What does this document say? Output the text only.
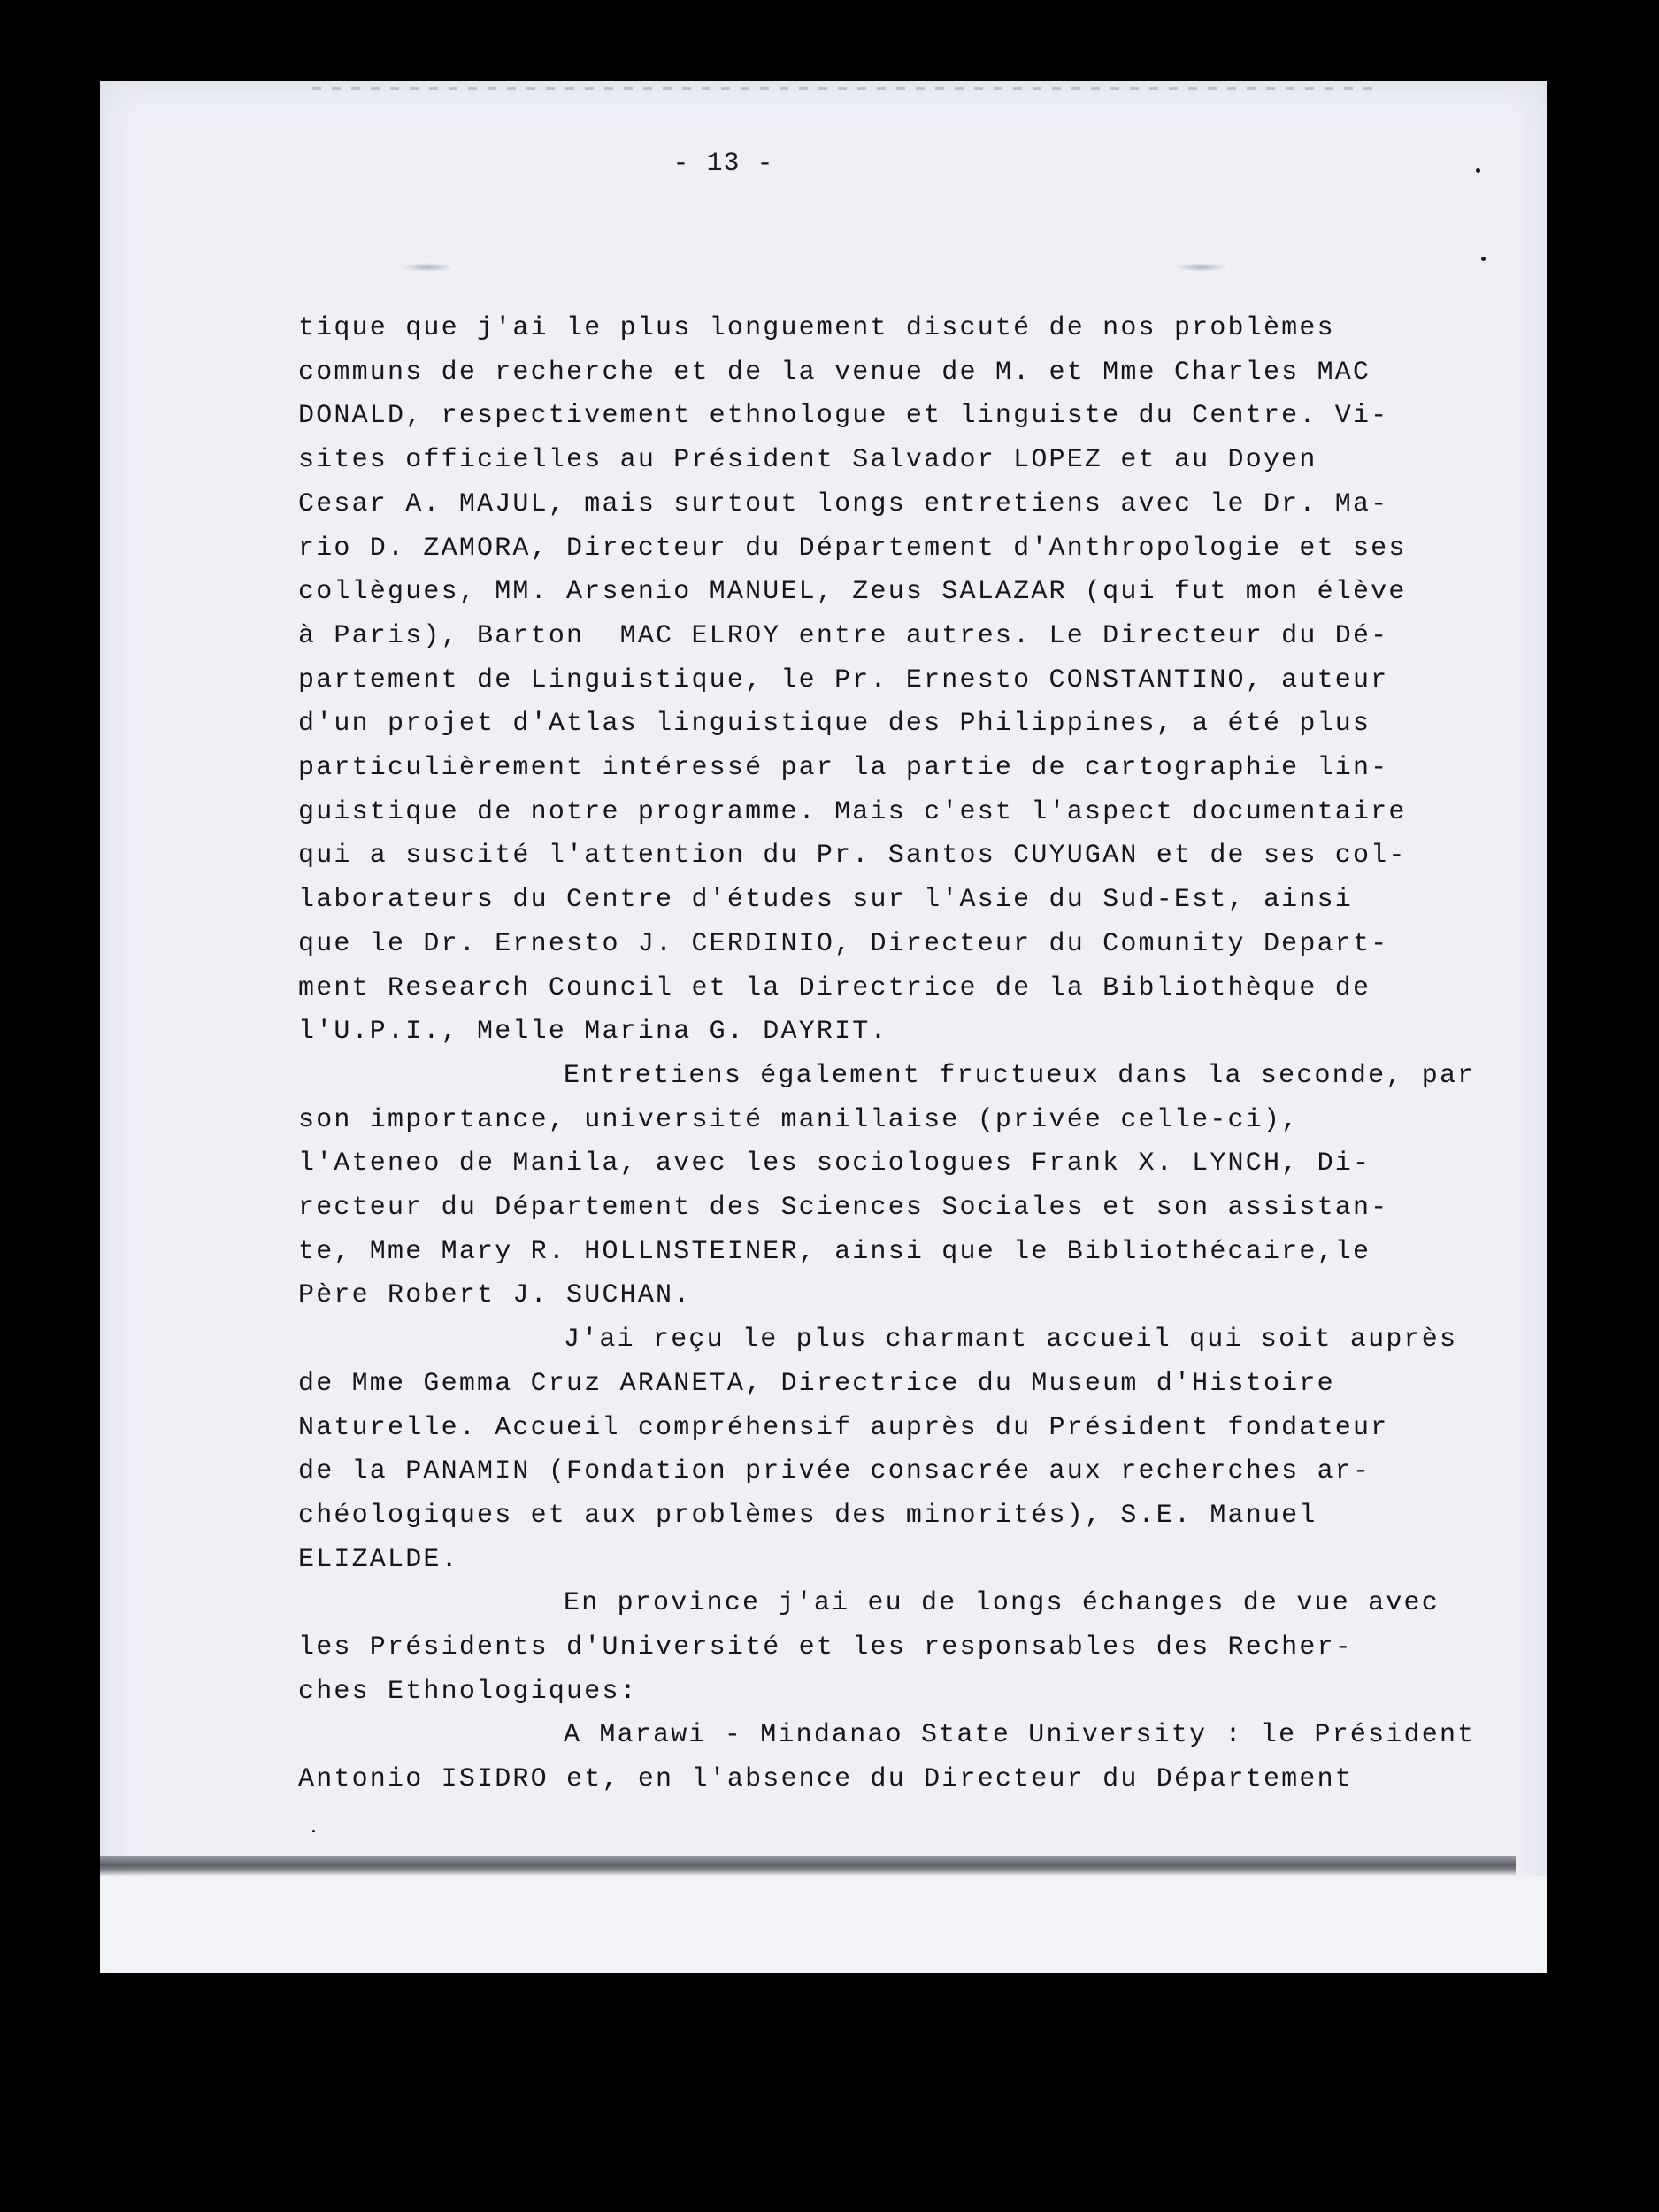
- 13 -
tique que j'ai le plus longuement discuté de nos problèmes
communs de recherche et de la venue de M. et Mme Charles MAC
DONALD, respectivement ethnologue et linguiste du Centre. Vi-
sites officielles au Président Salvador LOPEZ et au Doyen
Cesar A. MAJUL, mais surtout longs entretiens avec le Dr. Ma-
rio D. ZAMORA, Directeur du Département d'Anthropologie et ses
collègues, MM. Arsenio MANUEL, Zeus SALAZAR (qui fut mon élève
à Paris), Barton  MAC ELROY entre autres. Le Directeur du Dé-
partement de Linguistique, le Pr. Ernesto CONSTANTINO, auteur
d'un projet d'Atlas linguistique des Philippines, a été plus
particulièrement intéressé par la partie de cartographie lin-
guistique de notre programme. Mais c'est l'aspect documentaire
qui a suscité l'attention du Pr. Santos CUYUGAN et de ses col-
laborateurs du Centre d'études sur l'Asie du Sud-Est, ainsi
que le Dr. Ernesto J. CERDINIO, Directeur du Comunity Depart-
ment Research Council et la Directrice de la Bibliothèque de
l'U.P.I., Melle Marina G. DAYRIT.
Entretiens également fructueux dans la seconde, par
son importance, université manillaise (privée celle-ci),
l'Ateneo de Manila, avec les sociologues Frank X. LYNCH, Di-
recteur du Département des Sciences Sociales et son assistan-
te, Mme Mary R. HOLLNSTEINER, ainsi que le Bibliothécaire,le
Père Robert J. SUCHAN.
J'ai reçu le plus charmant accueil qui soit auprès
de Mme Gemma Cruz ARANETA, Directrice du Museum d'Histoire
Naturelle. Accueil compréhensif auprès du Président fondateur
de la PANAMIN (Fondation privée consacrée aux recherches ar-
chéologiques et aux problèmes des minorités), S.E. Manuel
ELIZALDE.
En province j'ai eu de longs échanges de vue avec
les Présidents d'Université et les responsables des Recher-
ches Ethnologiques:
A Marawi - Mindanao State University : le Président
Antonio ISIDRO et, en l'absence du Directeur du Département
